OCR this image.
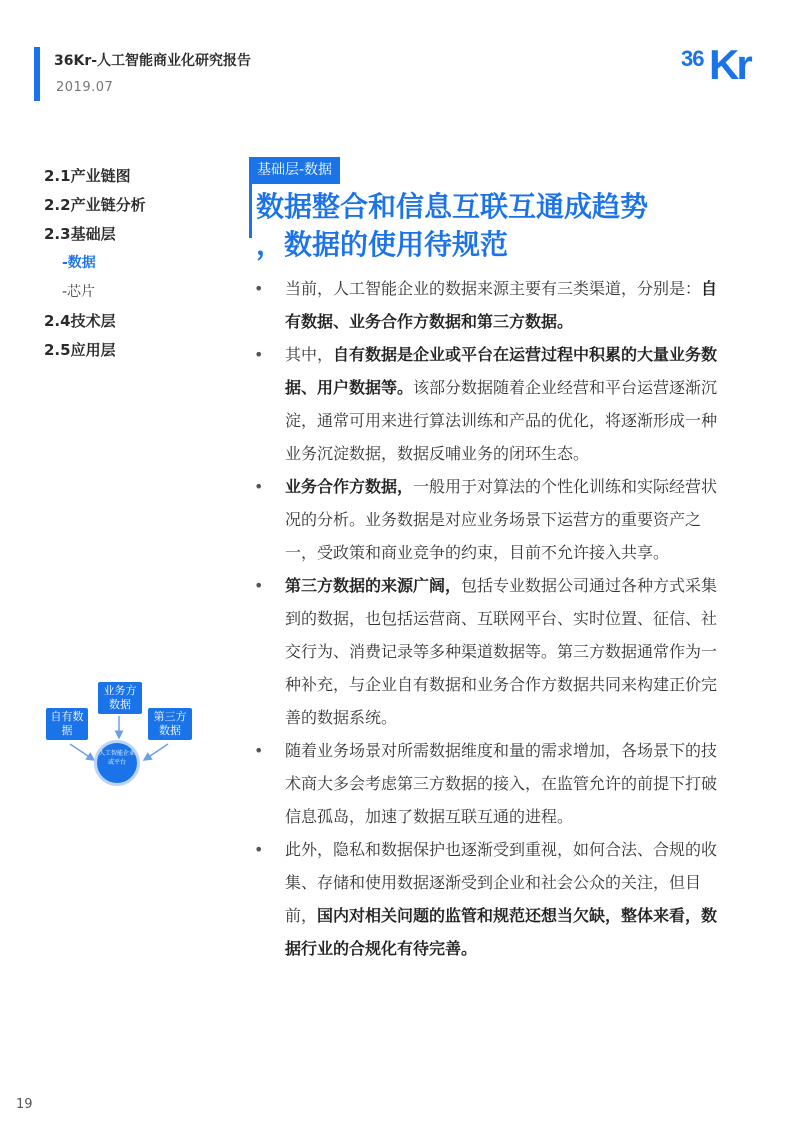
36Kr-人工智能商业化研究报告
2019.07
36 Kr
2.1产业链图
2.2产业链分析
2.3基础层
-数据
-芯片
2.4技术层
2.5应用层
自有数据
业务方数据
第三方数据
人工智能企业或平台
基础层-数据
数据整合和信息互联互通成趋势
，数据的使用待规范
• 当前，人工智能企业的数据来源主要有三类渠道，分别是：自有数据、业务合作方数据和第三方数据。
• 其中，自有数据是企业或平台在运营过程中积累的大量业务数据、用户数据等。该部分数据随着企业经营和平台运营逐渐沉淀，通常可用来进行算法训练和产品的优化，将逐渐形成一种业务沉淀数据，数据反哺业务的闭环生态。
• 业务合作方数据，一般用于对算法的个性化训练和实际经营状况的分析。业务数据是对应业务场景下运营方的重要资产之一，受政策和商业竞争的约束，目前不允许接入共享。
• 第三方数据的来源广阔，包括专业数据公司通过各种方式采集到的数据，也包括运营商、互联网平台、实时位置、征信、社交行为、消费记录等多种渠道数据等。第三方数据通常作为一种补充，与企业自有数据和业务合作方数据共同来构建正价完善的数据系统。
• 随着业务场景对所需数据维度和量的需求增加，各场景下的技术商大多会考虑第三方数据的接入，在监管允许的前提下打破信息孤岛，加速了数据互联互通的进程。
• 此外，隐私和数据保护也逐渐受到重视，如何合法、合规的收集、存储和使用数据逐渐受到企业和社会公众的关注，但目前，国内对相关问题的监管和规范还想当欠缺，整体来看，数据行业的合规化有待完善。
19
